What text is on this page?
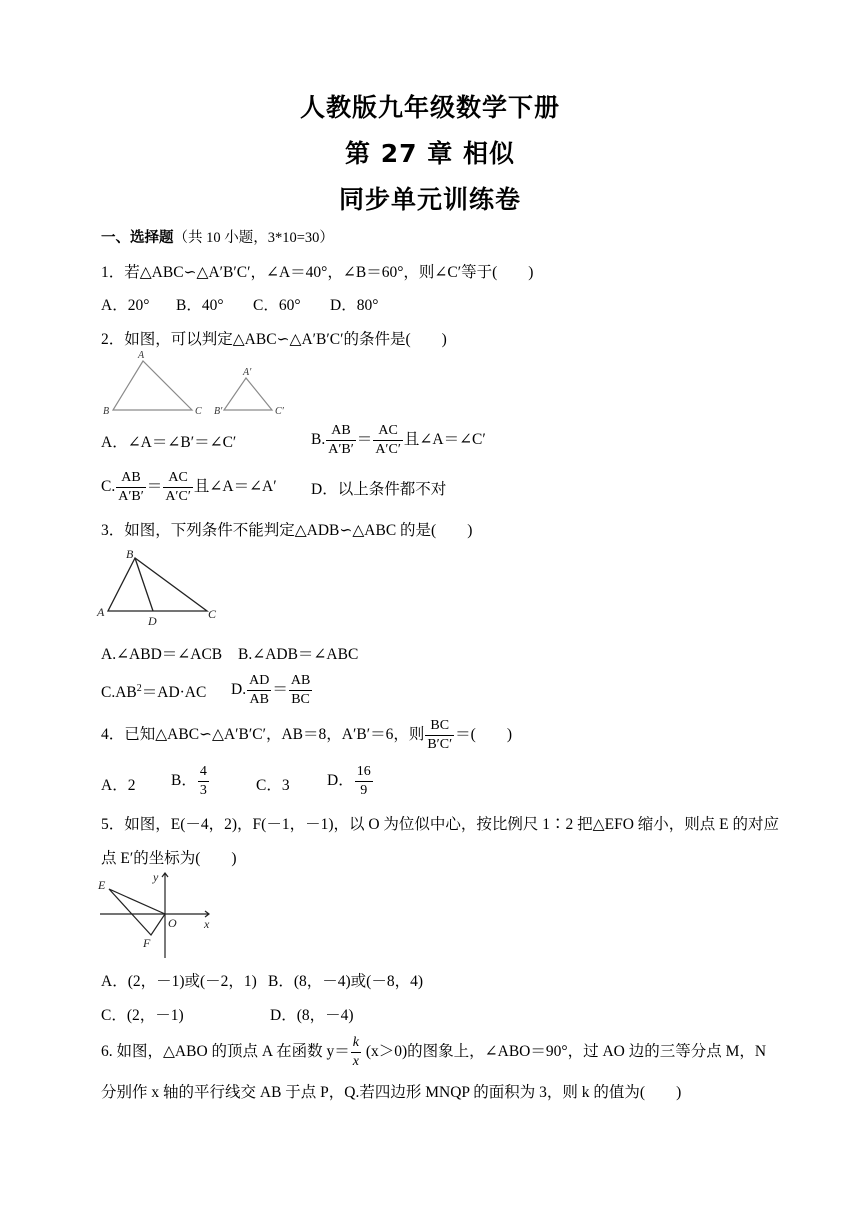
人教版九年级数学下册
第 27 章 相似
同步单元训练卷
一、选择题（共 10 小题，3*10=30）
1．若△ABC∽△A′B′C′，∠A＝40°，∠B＝60°，则∠C′等于(　　)
A．20° B．40° C．60° D．80°
2．如图，可以判定△ABC∽△A′B′C′的条件是(　　)
A
B	C
A′
B′	C′
A．∠A＝∠B′＝∠C′	B. $\frac{AB}{A'B'} = \frac{AC}{A'C'}$ 且∠A＝∠C′
C. $\frac{AB}{A'B'} = \frac{AC}{A'C'}$ 且∠A＝∠A′ D．以上条件都不对
3．如图，下列条件不能判定△ADB∽△ABC 的是(　　)
B
A
D	C
A.∠ABD＝∠ACB B.∠ADB＝∠ABC
$C.AB^2=AD\cdot AC$ D. $\frac{AD}{AB} = \frac{AB}{BC}$
4．已知△ABC∽△A′B′C′，AB＝8，A′B′＝6，则 $\frac{BC}{B'C'}$ ＝(　　)
A．2 B． $\frac{4}{3}$	C．3 D． $\frac{16}{9}$
5．如图，E(－4，2)，F(－1，－1)，以 O 为位似中心，按比例尺 1∶2 把△EFO 缩小，则点 E 的对应
点 E′的坐标为(　　)
E
y
O x
F
A．(2，－1)或(－2，1) B．(8，－4)或(－8，4)
C．(2，－1)	D．(8，－4)
6. 如图，△ABO 的顶点 A 在函数 $y= \frac{k}{x} (x>0)$的图象上，∠ABO＝90°，过 AO 边的三等分点 M，N
分别作 x 轴的平行线交 AB 于点 P，Q.若四边形 MNQP 的面积为 3，则 k 的值为(　　)
